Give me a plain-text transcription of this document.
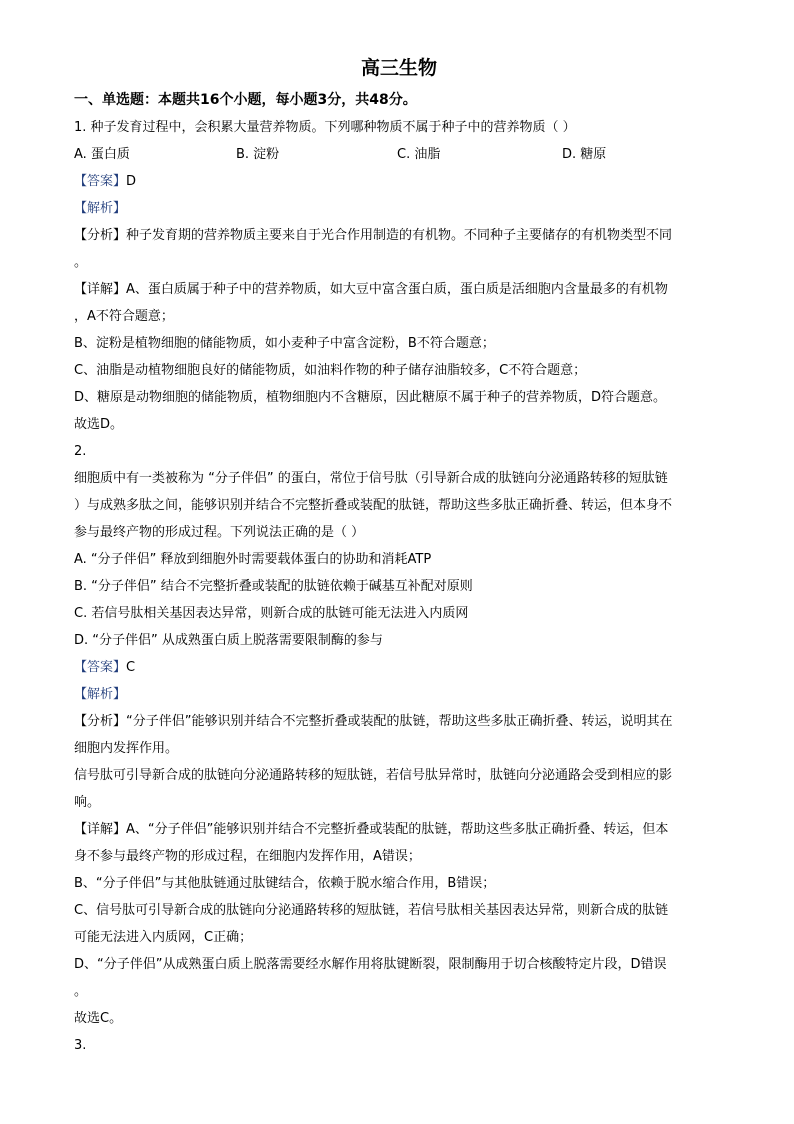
高三生物
一、单选题：本题共16个小题，每小题3分，共48分。
1. 种子发育过程中，会积累大量营养物质。下列哪种物质不属于种子中的营养物质（ ）
A. 蛋白质	B. 淀粉	C. 油脂	D. 糖原
【答案】D
【解析】
【分析】种子发育期的营养物质主要来自于光合作用制造的有机物。不同种子主要储存的有机物类型不同
。
【详解】A、蛋白质属于种子中的营养物质，如大豆中富含蛋白质，蛋白质是活细胞内含量最多的有机物
，A不符合题意；
B、淀粉是植物细胞的储能物质，如小麦种子中富含淀粉，B不符合题意；
C、油脂是动植物细胞良好的储能物质，如油料作物的种子储存油脂较多，C不符合题意；
D、糖原是动物细胞的储能物质，植物细胞内不含糖原，因此糖原不属于种子的营养物质，D符合题意。
故选D。
2.
细胞质中有一类被称为 “分子伴侣” 的蛋白，常位于信号肽（引导新合成的肽链向分泌通路转移的短肽链
）与成熟多肽之间，能够识别并结合不完整折叠或装配的肽链，帮助这些多肽正确折叠、转运，但本身不
参与最终产物的形成过程。下列说法正确的是（ ）
A. “分子伴侣” 释放到细胞外时需要载体蛋白的协助和消耗ATP
B. “分子伴侣” 结合不完整折叠或装配的肽链依赖于碱基互补配对原则
C. 若信号肽相关基因表达异常，则新合成的肽链可能无法进入内质网
D. “分子伴侣” 从成熟蛋白质上脱落需要限制酶的参与
【答案】C
【解析】
【分析】“分子伴侣”能够识别并结合不完整折叠或装配的肽链，帮助这些多肽正确折叠、转运，说明其在
细胞内发挥作用。
信号肽可引导新合成的肽链向分泌通路转移的短肽链，若信号肽异常时，肽链向分泌通路会受到相应的影
响。
【详解】A、“分子伴侣”能够识别并结合不完整折叠或装配的肽链，帮助这些多肽正确折叠、转运，但本
身不参与最终产物的形成过程，在细胞内发挥作用，A错误；
B、“分子伴侣”与其他肽链通过肽键结合，依赖于脱水缩合作用，B错误；
C、信号肽可引导新合成的肽链向分泌通路转移的短肽链，若信号肽相关基因表达异常，则新合成的肽链
可能无法进入内质网，C正确；
D、“分子伴侣”从成熟蛋白质上脱落需要经水解作用将肽键断裂，限制酶用于切合核酸特定片段，D错误
。
故选C。
3.
